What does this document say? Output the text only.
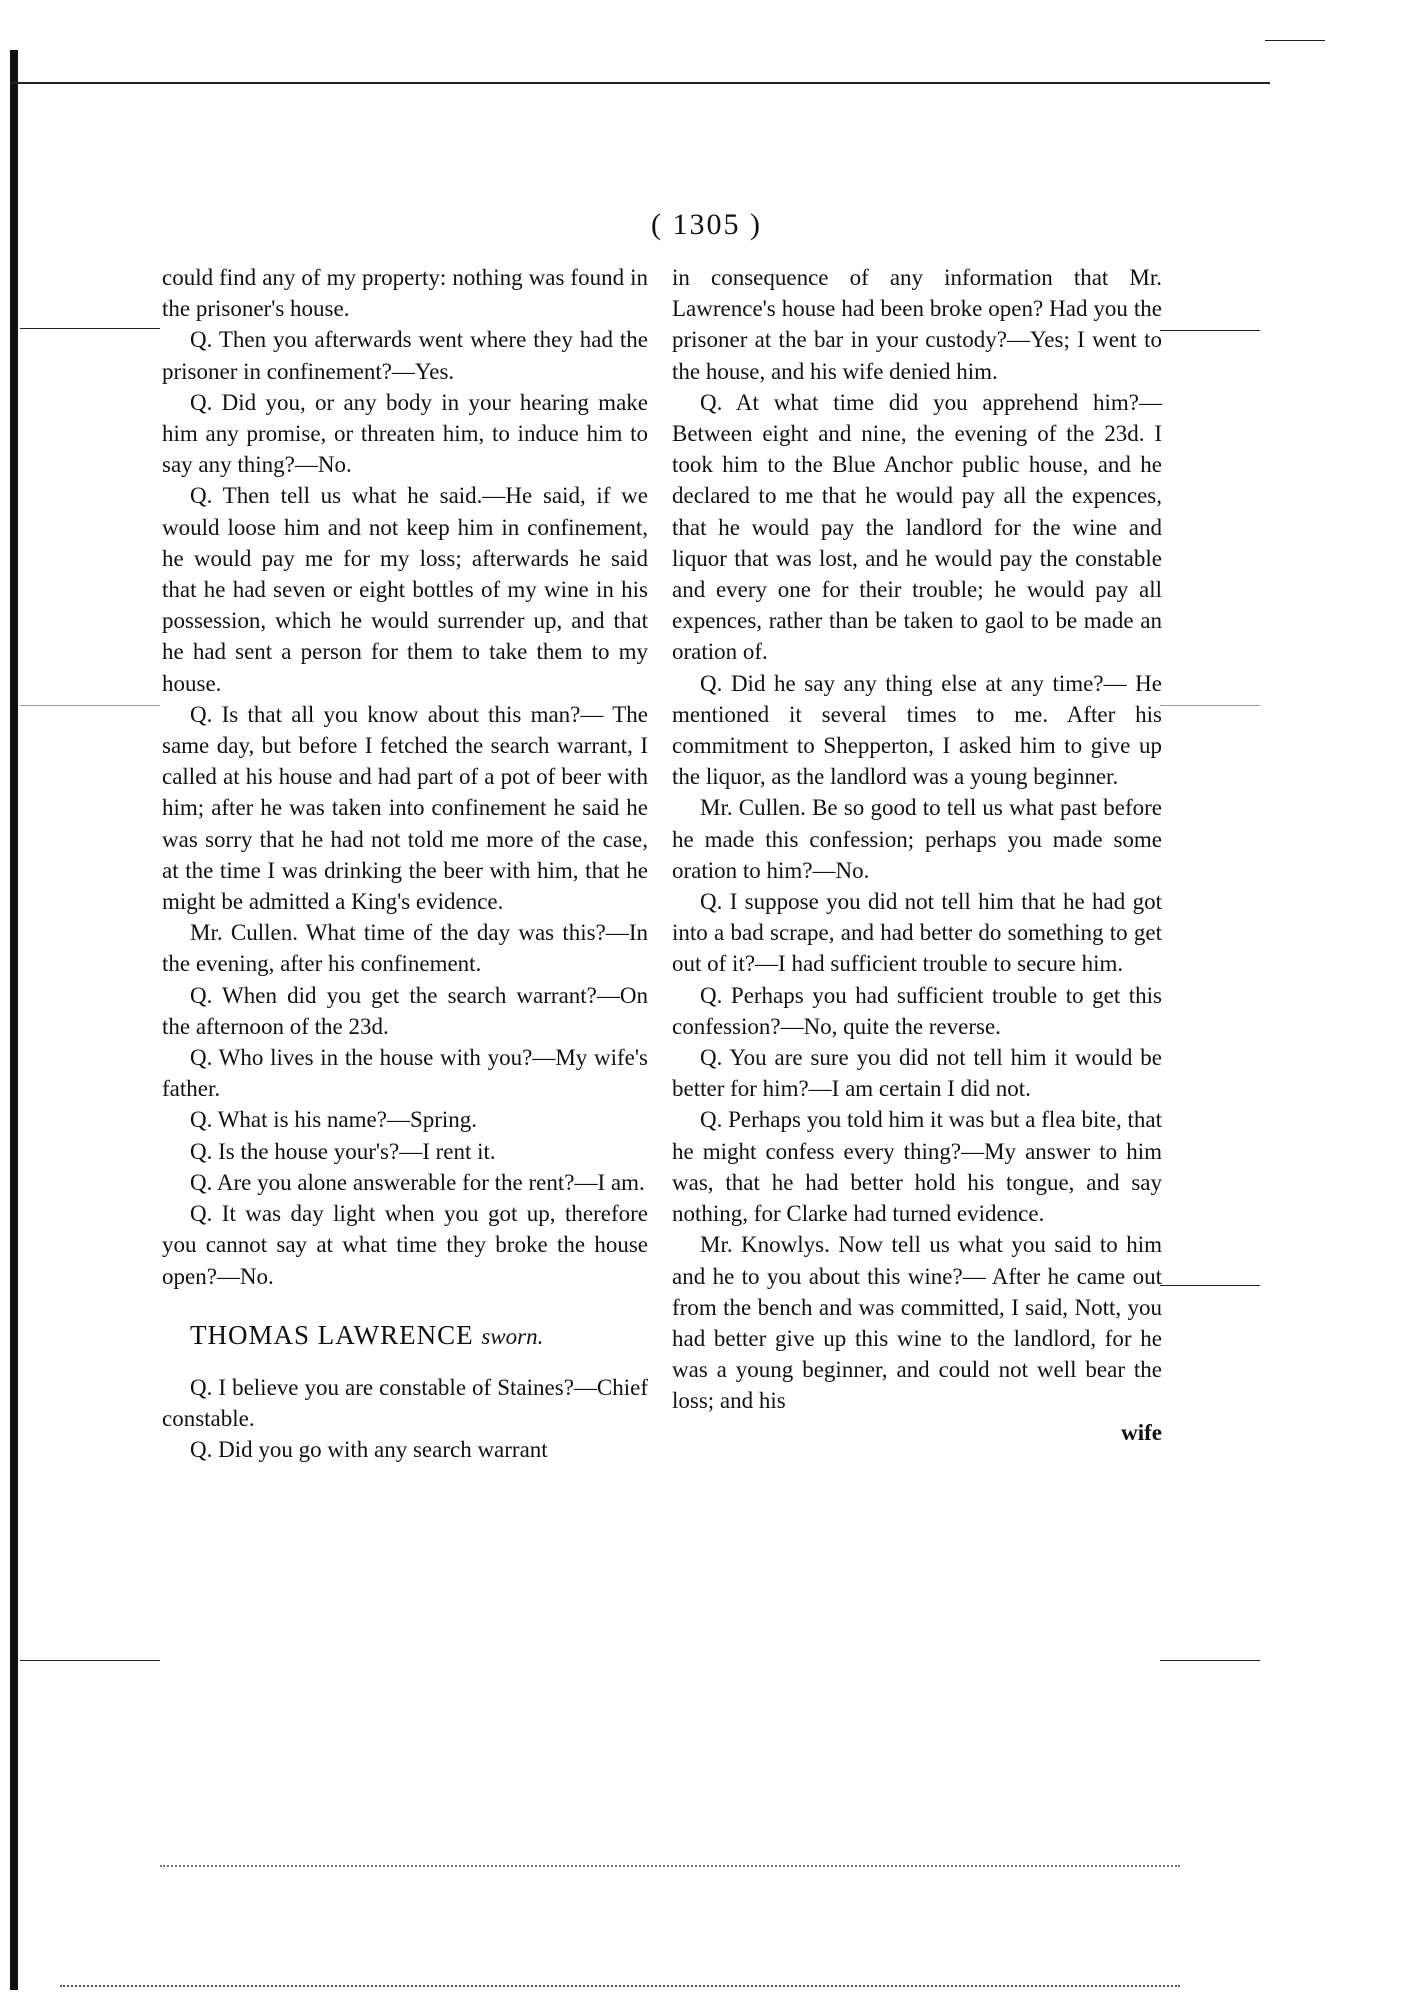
( 1305 )

could find any of my property: nothing was found in the prisoner's house.

Q. Then you afterwards went where they had the prisoner in confinement?—Yes.

Q. Did you, or any body in your hearing make him any promise, or threaten him, to induce him to say any thing?—No.

Q. Then tell us what he said.—He said, if we would loose him and not keep him in confinement, he would pay me for my loss; afterwards he said that he had seven or eight bottles of my wine in his possession, which he would surrender up, and that he had sent a person for them to take them to my house.

Q. Is that all you know about this man?— The same day, but before I fetched the search warrant, I called at his house and had part of a pot of beer with him; after he was taken into confinement he said he was sorry that he had not told me more of the case, at the time I was drinking the beer with him, that he might be admitted a King's evidence.

Mr. Cullen. What time of the day was this?—In the evening, after his confinement.

Q. When did you get the search warrant?—On the afternoon of the 23d.

Q. Who lives in the house with you?—My wife's father.

Q. What is his name?—Spring.

Q. Is the house your's?—I rent it.

Q. Are you alone answerable for the rent?—I am.

Q. It was day light when you got up, therefore you cannot say at what time they broke the house open?—No.

THOMAS LAWRENCE sworn.

Q. I believe you are constable of Staines?—Chief constable.

Q. Did you go with any search warrant

in consequence of any information that Mr. Lawrence's house had been broke open? Had you the prisoner at the bar in your custody?—Yes; I went to the house, and his wife denied him.

Q. At what time did you apprehend him?— Between eight and nine, the evening of the 23d. I took him to the Blue Anchor public house, and he declared to me that he would pay all the expences, that he would pay the landlord for the wine and liquor that was lost, and he would pay the constable and every one for their trouble; he would pay all expences, rather than be taken to gaol to be made an oration of.

Q. Did he say any thing else at any time?— He mentioned it several times to me. After his commitment to Shepperton, I asked him to give up the liquor, as the landlord was a young beginner.

Mr. Cullen. Be so good to tell us what past before he made this confession; perhaps you made some oration to him?—No.

Q. I suppose you did not tell him that he had got into a bad scrape, and had better do something to get out of it?—I had sufficient trouble to secure him.

Q. Perhaps you had sufficient trouble to get this confession?—No, quite the reverse.

Q. You are sure you did not tell him it would be better for him?—I am certain I did not.

Q. Perhaps you told him it was but a flea bite, that he might confess every thing?—My answer to him was, that he had better hold his tongue, and say nothing, for Clarke had turned evidence.

Mr. Knowlys. Now tell us what you said to him and he to you about this wine?— After he came out from the bench and was committed, I said, Nott, you had better give up this wine to the landlord, for he was a young beginner, and could not well bear the loss; and his

wife
